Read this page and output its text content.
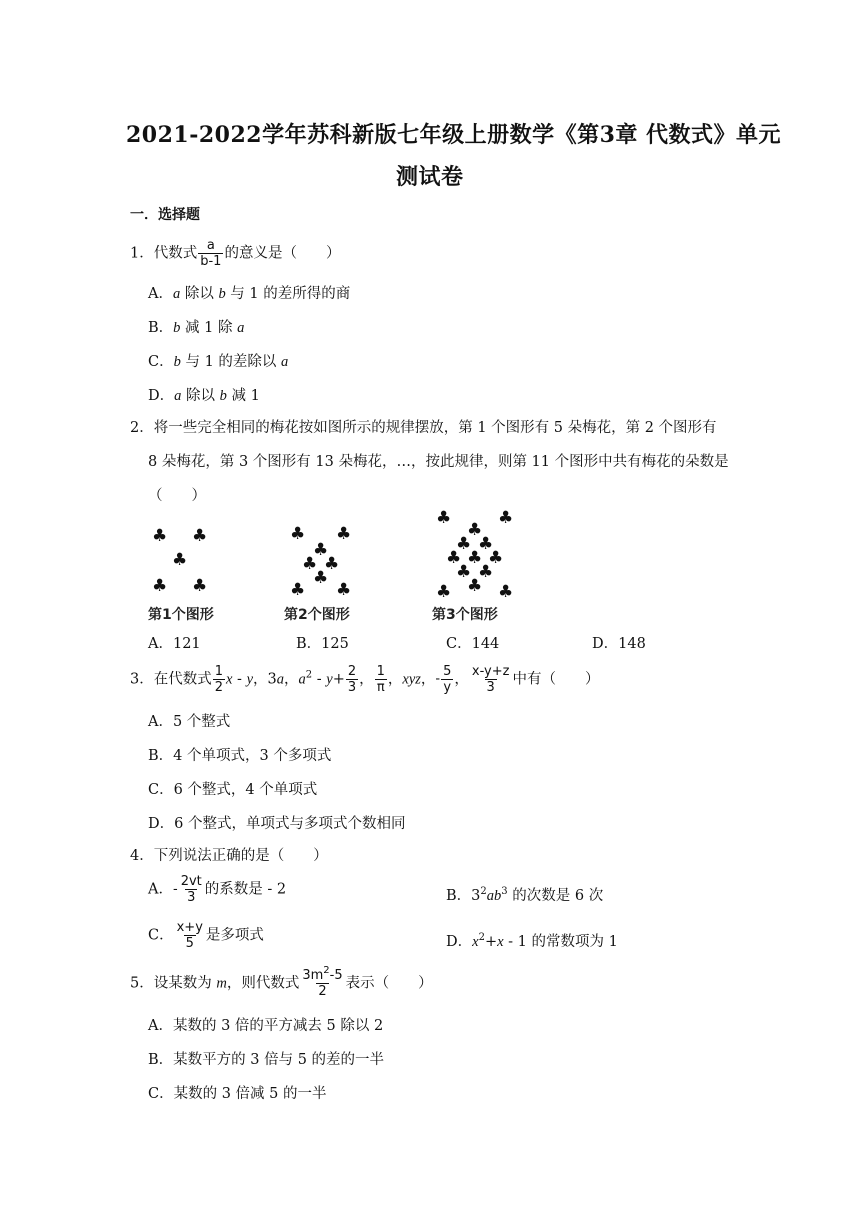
2021-2022学年苏科新版七年级上册数学《第3章 代数式》单元
测试卷
一．选择题
1．代数式 $\frac{a}{b-1}$ 的意义是（　　）
A．a 除以 b 与 1 的差所得的商
B．b 减 1 除 a
C．b 与 1 的差除以 a
D．a 除以 b 减 1
2．将一些完全相同的梅花按如图所示的规律摆放，第 1 个图形有 5 朵梅花，第 2 个图形有
8 朵梅花，第 3 个图形有 13 朵梅花，…，按此规律，则第 11 个图形中共有梅花的朵数是
（　　）
♣ ♣
♣
♣ ♣
第1个图形
♣ ♣
♣
♣ ♣
♣
♣ ♣
第2个图形
♣	♣
♣
♣ ♣
♣ ♣ ♣
♣ ♣
♣
♣	♣
第3个图形
A．121	B．125	C．144	D．148
3．在代数式 $\frac{1}{2}$ x - y，3a，$a^2 - y+ \frac{2}{3}$ ， $\frac{1}{\pi}$ ，xyz，- $\frac{5}{y}$ ， $\frac{x-y+z}{3}$ 中有（　　）
A．5 个整式
B．4 个单项式，3 个多项式
C．6 个整式，4 个单项式
D．6 个整式，单项式与多项式个数相同
4．下列说法正确的是（　　）
A．- $\frac{2vt}{3}$ 的系数是 - 2	B．$3^2ab^3$ 的次数是 6 次
C． $\frac{x+y}{5}$ 是多项式	D．$x^2+x - 1$ 的常数项为 1
5．设某数为 m，则代数式 $\frac{3m^2-5}{2}$ 表示（　　）
A．某数的 3 倍的平方减去 5 除以 2
B．某数平方的 3 倍与 5 的差的一半
C．某数的 3 倍减 5 的一半
